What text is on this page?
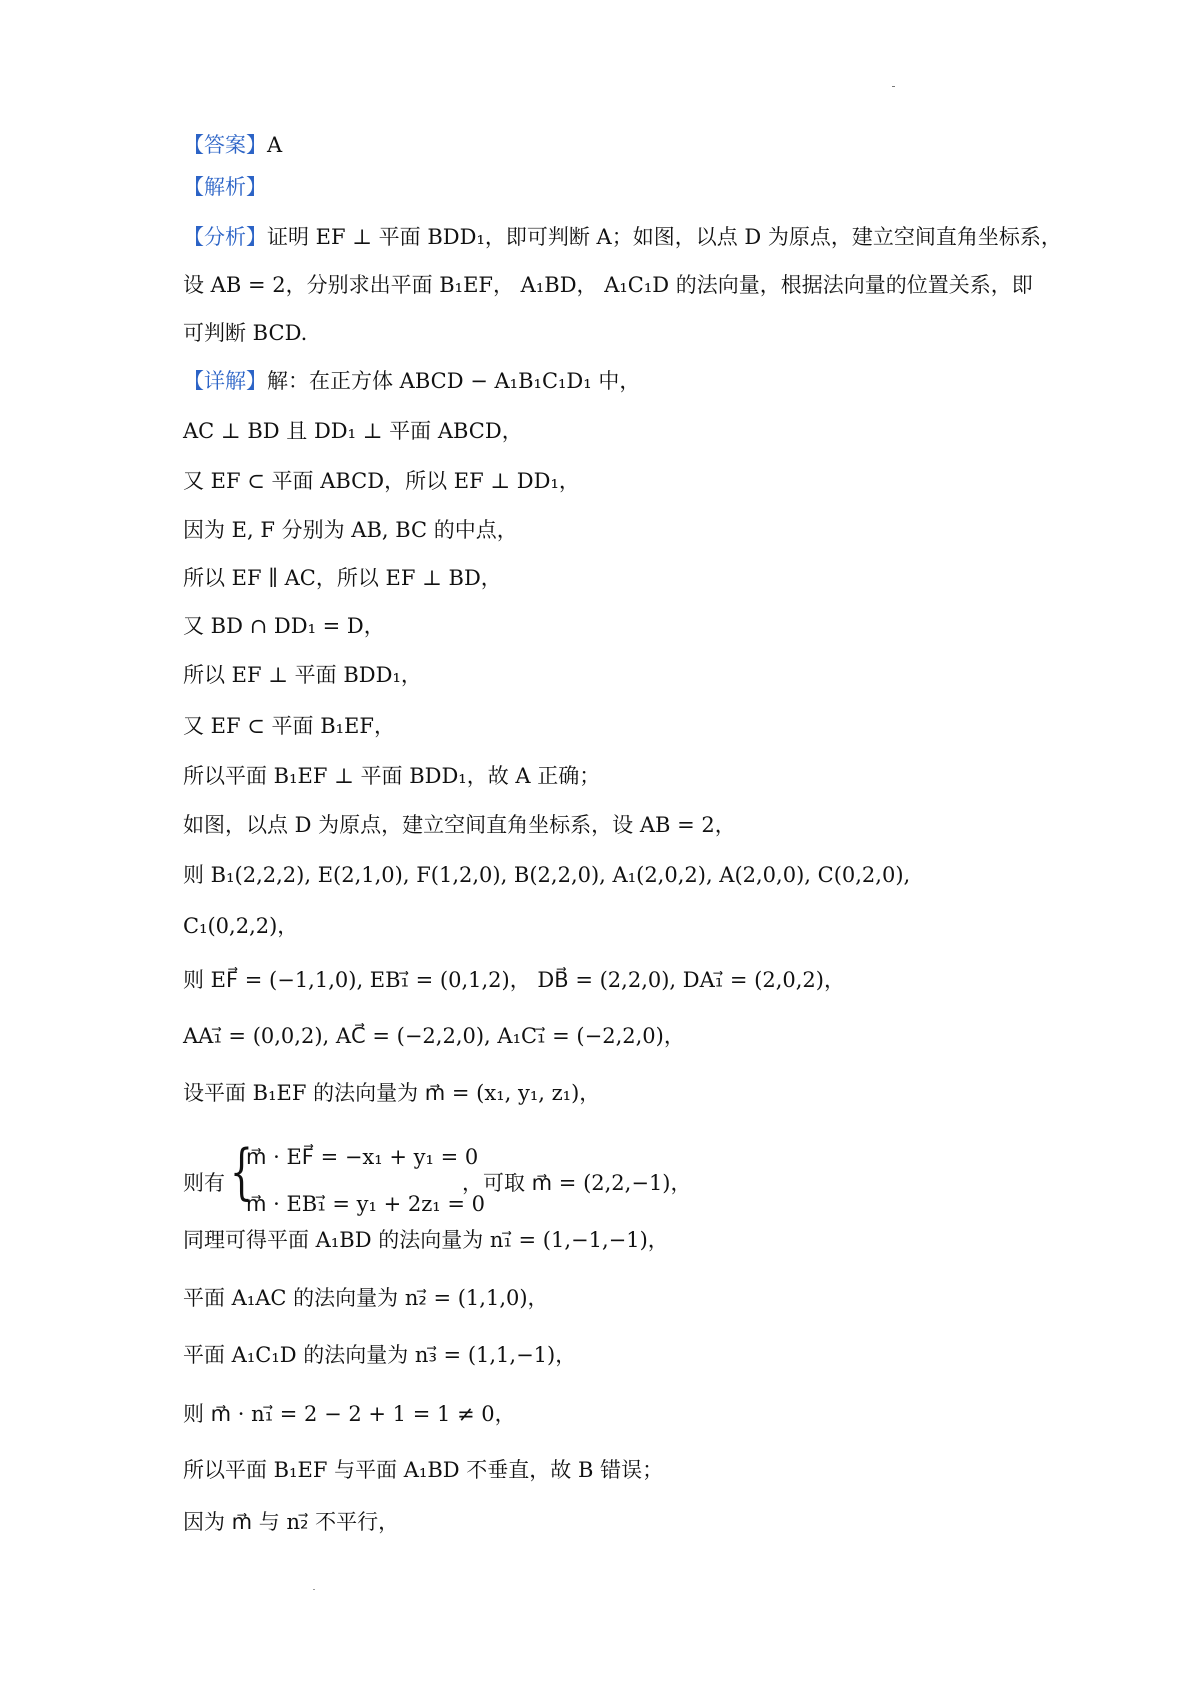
【答案】A
【解析】
【分析】证明 EF ⊥ 平面 BDD₁，即可判断 A；如图，以点 D 为原点，建立空间直角坐标系，
设 AB = 2，分别求出平面 B₁EF， A₁BD， A₁C₁D 的法向量，根据法向量的位置关系，即
可判断 BCD.
【详解】解：在正方体 ABCD − A₁B₁C₁D₁ 中，
AC ⊥ BD 且 DD₁ ⊥ 平面 ABCD，
又 EF ⊂ 平面 ABCD，所以 EF ⊥ DD₁，
因为 E, F 分别为 AB, BC 的中点，
所以 EF ∥ AC，所以 EF ⊥ BD，
又 BD ∩ DD₁ = D，
所以 EF ⊥ 平面 BDD₁，
又 EF ⊂ 平面 B₁EF，
所以平面 B₁EF ⊥ 平面 BDD₁，故 A 正确；
如图，以点 D 为原点，建立空间直角坐标系，设 AB = 2，
则 B₁(2,2,2), E(2,1,0), F(1,2,0), B(2,2,0), A₁(2,0,2), A(2,0,0), C(0,2,0),
C₁(0,2,2)，
则 EF⃗ = (−1,1,0), EB₁⃗ = (0,1,2)， DB⃗ = (2,2,0), DA₁⃗ = (2,0,2)，
AA₁⃗ = (0,0,2), AC⃗ = (−2,2,0), A₁C₁⃗ = (−2,2,0)，
设平面 B₁EF 的法向量为 m⃗ = (x₁, y₁, z₁)，
同理可得平面 A₁BD 的法向量为 n₁⃗ = (1,−1,−1)，
平面 A₁AC 的法向量为 n₂⃗ = (1,1,0)，
平面 A₁C₁D 的法向量为 n₃⃗ = (1,1,−1)，
则 m⃗ · n₁⃗ = 2 − 2 + 1 = 1 ≠ 0，
所以平面 B₁EF 与平面 A₁BD 不垂直，故 B 错误；
因为 m⃗ 与 n₂⃗ 不平行，
则有 {
m⃗ · EF⃗ = −x₁ + y₁ = 0
m⃗ · EB₁⃗ = y₁ + 2z₁ = 0
，可取 m⃗ = (2,2,−1)，
